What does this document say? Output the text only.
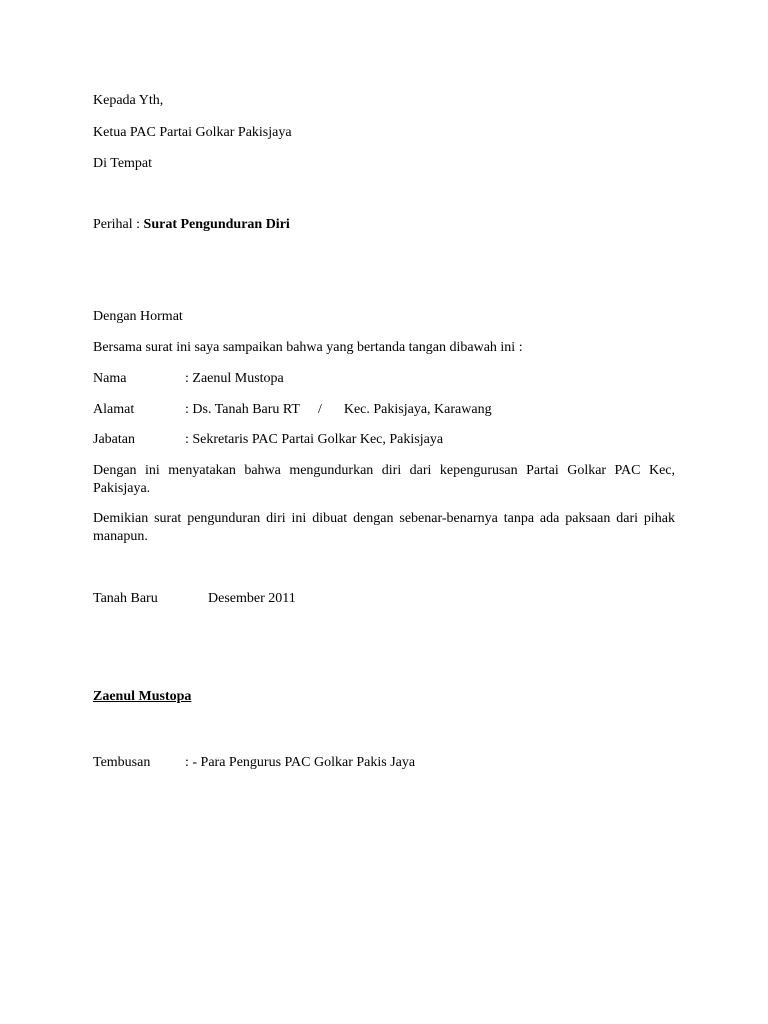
Kepada Yth,
Ketua PAC Partai Golkar Pakisjaya
Di Tempat
Perihal : Surat Pengunduran Diri
Dengan Hormat
Bersama surat ini saya sampaikan bahwa yang bertanda tangan dibawah ini :
Nama	: Zaenul Mustopa
Alamat	: Ds. Tanah Baru RT / Kec. Pakisjaya, Karawang
Jabatan	: Sekretaris PAC Partai Golkar Kec, Pakisjaya
Dengan ini menyatakan bahwa mengundurkan diri dari kepengurusan Partai Golkar PAC Kec, Pakisjaya.
Demikian surat pengunduran diri ini dibuat dengan sebenar-benarnya tanpa ada paksaan dari pihak manapun.
Tanah Baru	Desember 2011
Zaenul Mustopa
Tembusan : - Para Pengurus PAC Golkar Pakis Jaya
